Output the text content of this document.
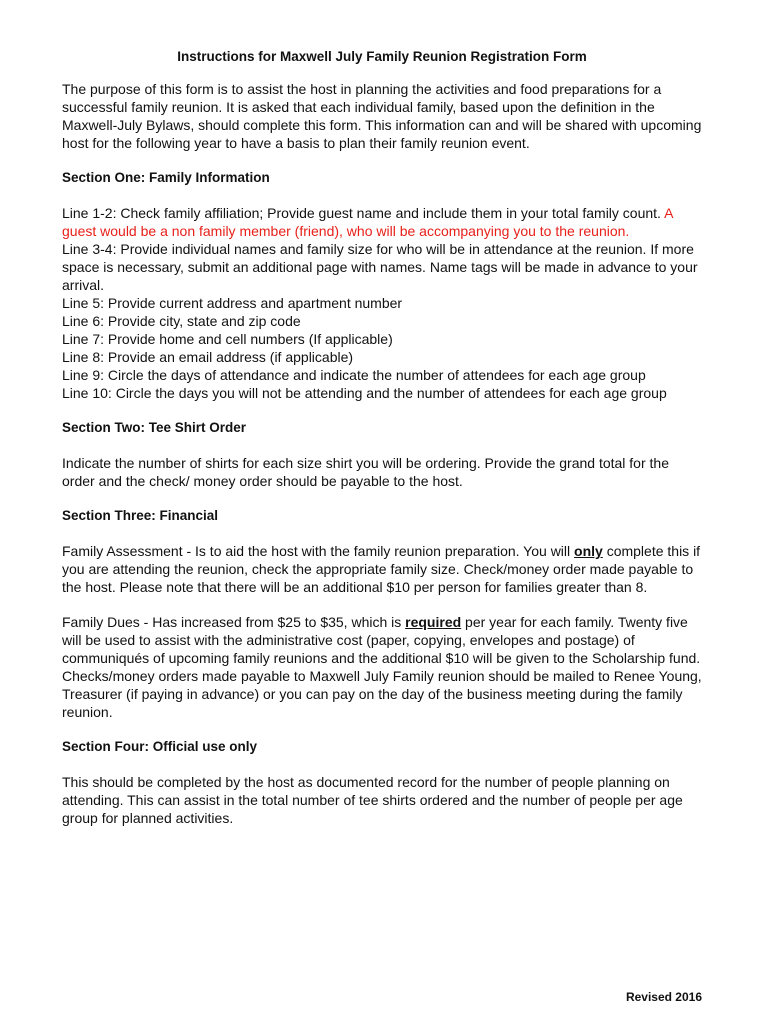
Instructions for Maxwell July Family Reunion Registration Form

The purpose of this form is to assist the host in planning the activities and food preparations for a successful family reunion. It is asked that each individual family, based upon the definition in the Maxwell-July Bylaws, should complete this form. This information can and will be shared with upcoming host for the following year to have a basis to plan their family reunion event.

Section One: Family Information

Line 1-2: Check family affiliation; Provide guest name and include them in your total family count. A guest would be a non family member (friend), who will be accompanying you to the reunion.

Line 3-4: Provide individual names and family size for who will be in attendance at the reunion. If more space is necessary, submit an additional page with names. Name tags will be made in advance to your arrival.

Line 5: Provide current address and apartment number

Line 6: Provide city, state and zip code

Line 7: Provide home and cell numbers (If applicable)

Line 8: Provide an email address (if applicable)

Line 9: Circle the days of attendance and indicate the number of attendees for each age group

Line 10: Circle the days you will not be attending and the number of attendees for each age group

Section Two: Tee Shirt Order

Indicate the number of shirts for each size shirt you will be ordering. Provide the grand total for the order and the check/ money order should be payable to the host.

Section Three: Financial

Family Assessment - Is to aid the host with the family reunion preparation. You will only complete this if you are attending the reunion, check the appropriate family size. Check/money order made payable to the host. Please note that there will be an additional $10 per person for families greater than 8.

Family Dues - Has increased from $25 to $35, which is required per year for each family. Twenty five will be used to assist with the administrative cost (paper, copying, envelopes and postage) of communiqués of upcoming family reunions and the additional $10 will be given to the Scholarship fund. Checks/money orders made payable to Maxwell July Family reunion should be mailed to Renee Young, Treasurer (if paying in advance) or you can pay on the day of the business meeting during the family reunion.

Section Four: Official use only

This should be completed by the host as documented record for the number of people planning on attending. This can assist in the total number of tee shirts ordered and the number of people per age group for planned activities.

Revised 2016
